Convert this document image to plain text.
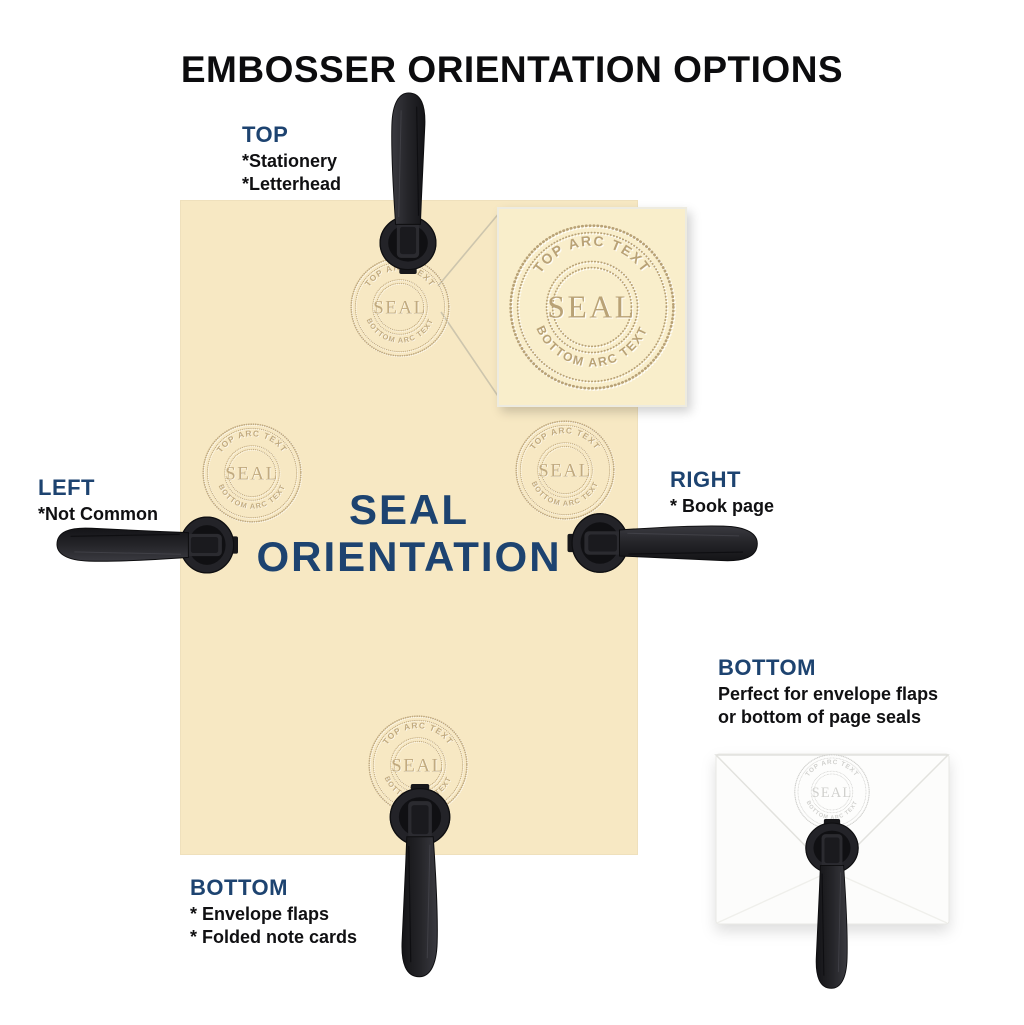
TOP ARC TEXT
BOTTOM ARC TEXT
SEAL
EMBOSSER ORIENTATION OPTIONS
SEAL
ORIENTATION
TOP
*Stationery
*Letterhead
LEFT
*Not Common
RIGHT
* Book page
BOTTOM
* Envelope flaps
* Folded note cards
BOTTOM
Perfect for envelope flaps
or bottom of page seals
